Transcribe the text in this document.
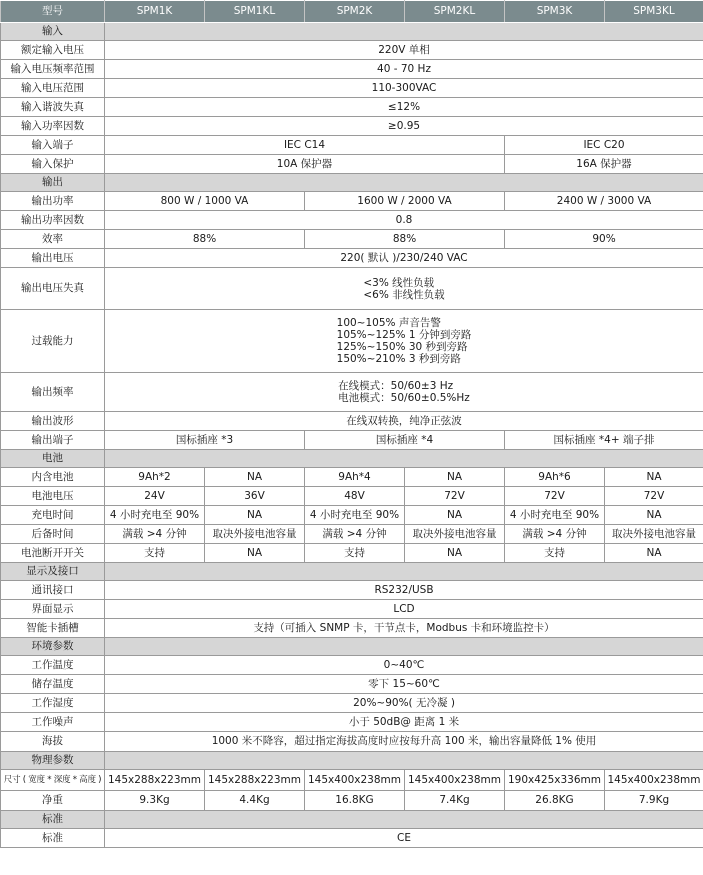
型号	SPM1K	SPM1KL	SPM2K	SPM2KL	SPM3K	SPM3KL
输入						
额定输入电压	220V 单相					
输入电压频率范围	40 - 70 Hz					
输入电压范围	110-300VAC					
输入谐波失真	≤12%					
输入功率因数	≥0.95					
输入端子	IEC C14				IEC C20	
输入保护	10A 保护器				16A 保护器	
输出						
输出功率	800 W / 1000 VA		1600 W / 2000 VA		2400 W / 3000 VA	
输出功率因数	0.8					
效率	88%		88%		90%	
输出电压	220( 默认 )/230/240 VAC					
输出电压失真	<3% 线性负载
<6% 非线性负载					

过载能力	100~105% 声音告警
105%~125% 1 分钟到旁路
125%~150% 30 秒到旁路
150%~210% 3 秒到旁路					

输出频率	在线模式：50/60±3 Hz
电池模式：50/60±0.5%Hz					

输出波形	在线双转换，纯净正弦波					
输出端子	国标插座 *3		国标插座 *4		国标插座 *4+ 端子排	
电池						
内含电池	9Ah*2	NA	9Ah*4	NA	9Ah*6	NA
电池电压	24V	36V	48V	72V	72V	72V
充电时间	4 小时充电至 90%	NA	4 小时充电至 90%	NA	4 小时充电至 90%	NA
后备时间	满载 >4 分钟	取决外接电池容量	满载 >4 分钟	取决外接电池容量	满载 >4 分钟	取决外接电池容量
电池断开开关	支持	NA	支持	NA	支持	NA
显示及接口						
通讯接口	RS232/USB					
界面显示	LCD					
智能卡插槽	支持（可插入 SNMP 卡，干节点卡，Modbus 卡和环境监控卡）					
环境参数						
工作温度	0~40℃					
储存温度	零下 15~60℃					
工作湿度	20%~90%( 无冷凝 )					
工作噪声	小于 50dB@ 距离 1 米					
海拔	1000 米不降容，超过指定海拔高度时应按每升高 100 米，输出容量降低 1% 使用					
物理参数						
尺寸 ( 宽度 * 深度 * 高度 )	145x288x223mm	145x288x223mm	145x400x238mm	145x400x238mm	190x425x336mm	145x400x238mm
净重	9.3Kg	4.4Kg	16.8KG	7.4Kg	26.8KG	7.9Kg
标准						
标准	CE					
